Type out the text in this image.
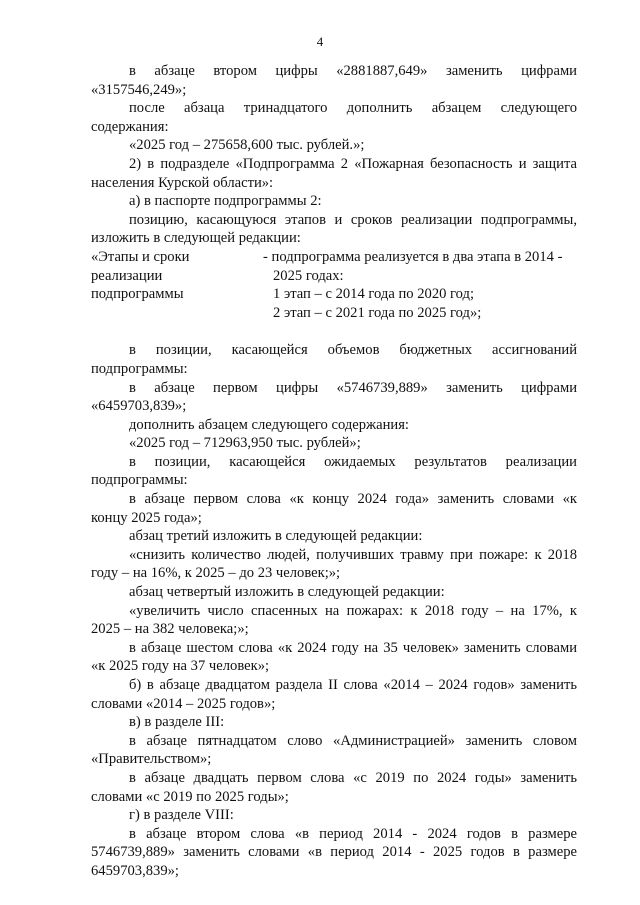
4

в абзаце втором цифры «2881887,649» заменить цифрами

«3157546,249»;

после абзаца тринадцатого дополнить абзацем следующего

содержания:

«2025 год – 275658,600 тыс. рублей.»;

2) в подразделе «Подпрограмма 2 «Пожарная безопасность и защита

населения Курской области»:

а) в паспорте подпрограммы 2:

позицию, касающуюся этапов и сроков реализации подпрограммы,

изложить в следующей редакции:

«Этапы и сроки

реализации

подпрограммы

- подпрограмма реализуется в два этапа в 2014 -

2025 годах:

1 этап – с 2014 года по 2020 год;

2 этап – с 2021 года по 2025 год»;

в позиции, касающейся объемов бюджетных ассигнований

подпрограммы:

в абзаце первом цифры «5746739,889» заменить цифрами

«6459703,839»;

дополнить абзацем следующего содержания:

«2025 год – 712963,950 тыс. рублей»;

в позиции, касающейся ожидаемых результатов реализации

подпрограммы:

в абзаце первом слова «к концу 2024 года» заменить словами «к

концу 2025 года»;

абзац третий изложить в следующей редакции:

«снизить количество людей, получивших травму при пожаре: к 2018

году – на 16%, к 2025 – до 23 человек;»;

абзац четвертый изложить в следующей редакции:

«увеличить число спасенных на пожарах: к 2018 году – на 17%, к

2025 – на 382 человека;»;

в абзаце шестом слова «к 2024 году на 35 человек» заменить словами

«к 2025 году на 37 человек»;

б) в абзаце двадцатом раздела II слова «2014 – 2024 годов» заменить

словами «2014 – 2025 годов»;

в) в разделе III:

в абзаце пятнадцатом слово «Администрацией» заменить словом

«Правительством»;

в абзаце двадцать первом слова «с 2019 по 2024 годы» заменить

словами «с 2019 по 2025 годы»;

г) в разделе VIII:

в абзаце втором слова «в период 2014 - 2024 годов в размере

5746739,889» заменить словами «в период 2014 - 2025 годов в размере

6459703,839»;
